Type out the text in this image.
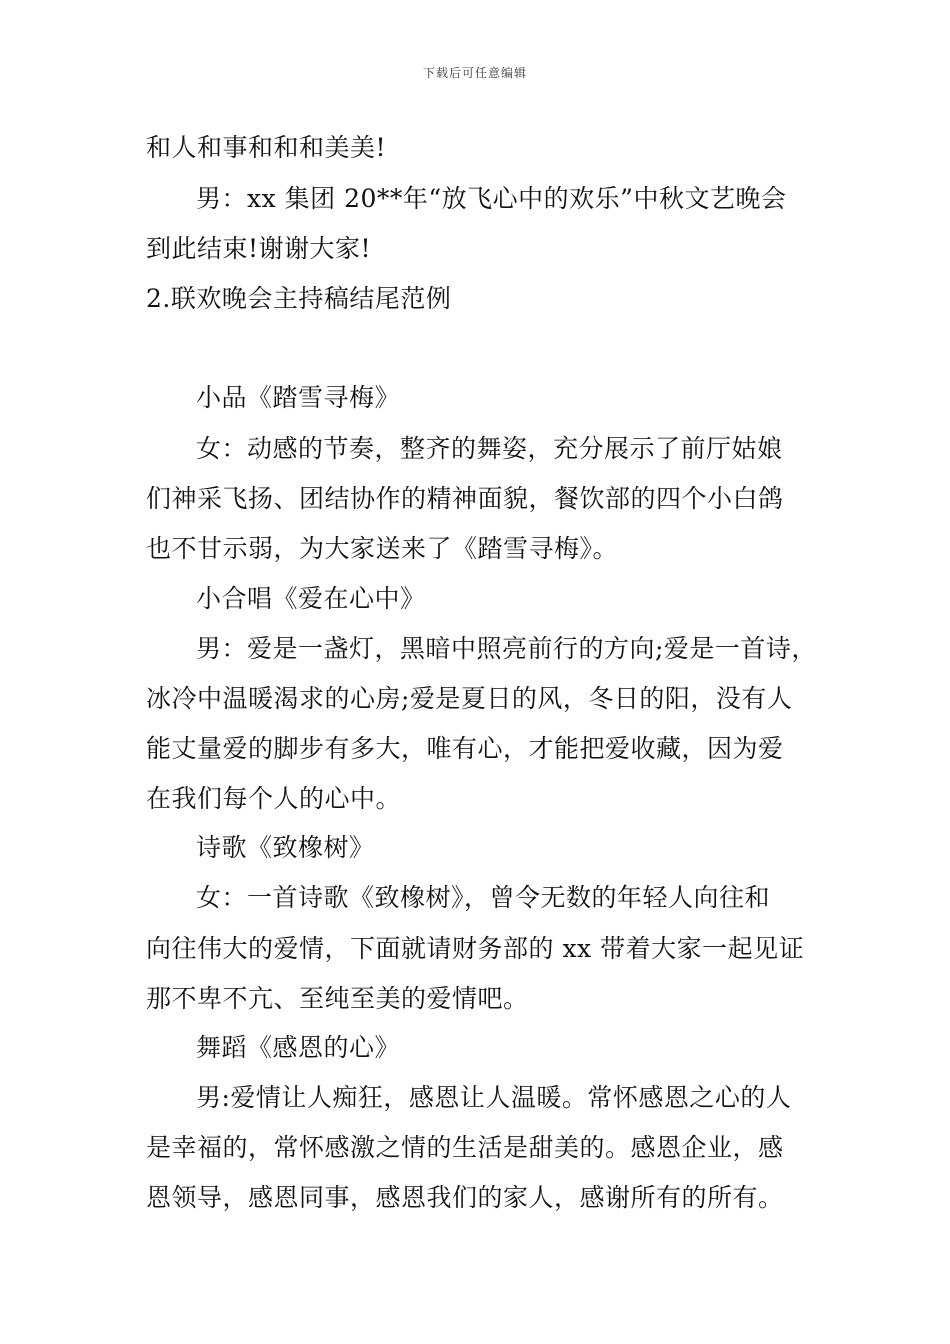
下载后可任意编辑
和人和事和和和美美!
男：xx 集团 20**年“放飞心中的欢乐”中秋文艺晚会
到此结束!谢谢大家!
2.联欢晚会主持稿结尾范例
小品《踏雪寻梅》
女：动感的节奏，整齐的舞姿，充分展示了前厅姑娘
们神采飞扬、团结协作的精神面貌，餐饮部的四个小白鸽
也不甘示弱，为大家送来了《踏雪寻梅》。
小合唱《爱在心中》
男：爱是一盏灯，黑暗中照亮前行的方向;爱是一首诗，
冰冷中温暖渴求的心房;爱是夏日的风，冬日的阳，没有人
能丈量爱的脚步有多大，唯有心，才能把爱收藏，因为爱
在我们每个人的心中。
诗歌《致橡树》
女：一首诗歌《致橡树》，曾令无数的年轻人向往和
向往伟大的爱情，下面就请财务部的 xx 带着大家一起见证
那不卑不亢、至纯至美的爱情吧。
舞蹈《感恩的心》
男:爱情让人痴狂，感恩让人温暖。常怀感恩之心的人
是幸福的，常怀感激之情的生活是甜美的。感恩企业，感
恩领导，感恩同事，感恩我们的家人，感谢所有的所有。
